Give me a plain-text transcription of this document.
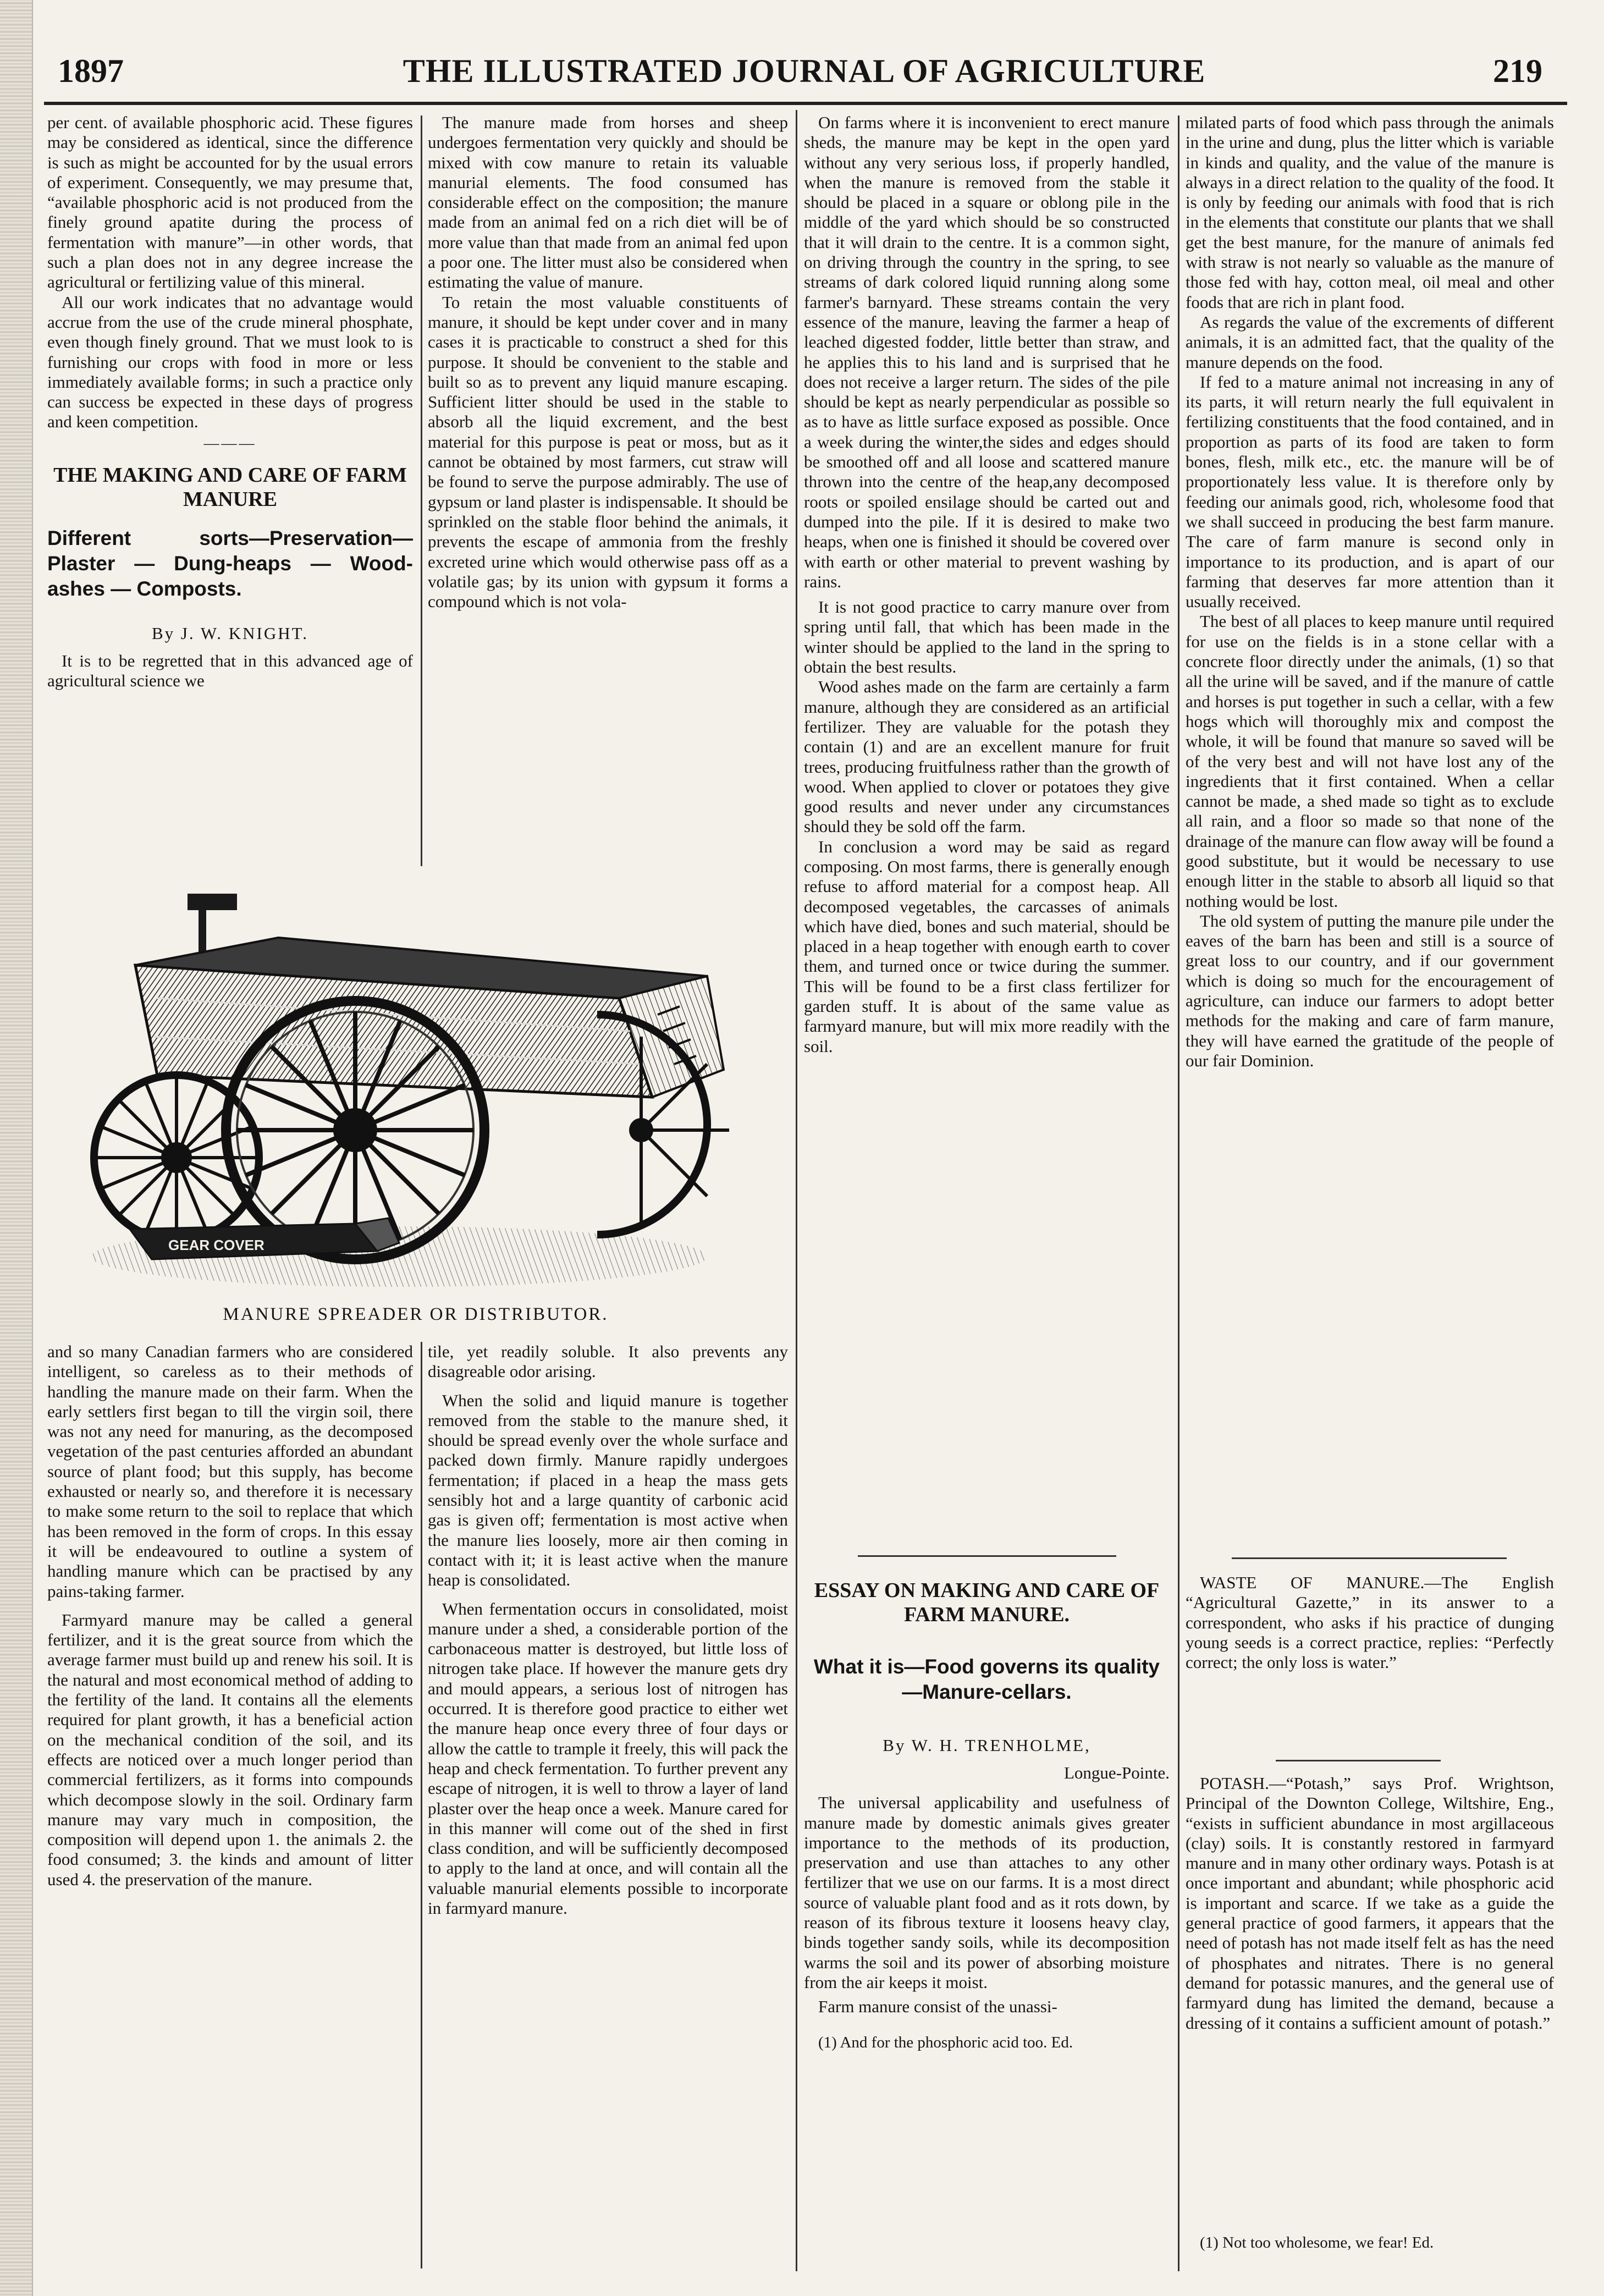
1897	THE ILLUSTRATED JOURNAL OF AGRICULTURE	219

per cent. of available phosphoric acid. These figures may be considered as identical, since the difference is such as might be accounted for by the usual errors of experiment. Consequently, we may presume that, “available phosphoric acid is not produced from the finely ground apatite during the process of fermentation with manure”—in other words, that such a plan does not in any degree increase the agricultural or fertilizing value of this mineral.

All our work indicates that no advantage would accrue from the use of the crude mineral phosphate, even though finely ground. That we must look to is furnishing our crops with food in more or less immediately available forms; in such a practice only can success be expected in these days of progress and keen competition.

———
THE MAKING AND CARE OF FARM MANURE
Different sorts—Preservation—Plaster — Dung-heaps — Wood-ashes — Composts.
By J. W. KNIGHT.

It is to be regretted that in this advanced age of agricultural science we

The manure made from horses and sheep undergoes fermentation very quickly and should be mixed with cow manure to retain its valuable manurial elements. The food consumed has considerable effect on the composition; the manure made from an animal fed on a rich diet will be of more value than that made from an animal fed upon a poor one. The litter must also be considered when estimating the value of manure.

To retain the most valuable constituents of manure, it should be kept under cover and in many cases it is practicable to construct a shed for this purpose. It should be convenient to the stable and built so as to prevent any liquid manure escaping. Sufficient litter should be used in the stable to absorb all the liquid excrement, and the best material for this purpose is peat or moss, but as it cannot be obtained by most farmers, cut straw will be found to serve the purpose admirably. The use of gypsum or land plaster is indispensable. It should be sprinkled on the stable floor behind the animals, it prevents the escape of ammonia from the freshly excreted urine which would otherwise pass off as a volatile gas; by its union with gypsum it forms a compound which is not vola-

GEAR COVER
MANURE SPREADER OR DISTRIBUTOR.

and so many Canadian farmers who are considered intelligent, so careless as to their methods of handling the manure made on their farm. When the early settlers first began to till the virgin soil, there was not any need for manuring, as the decomposed vegetation of the past centuries afforded an abundant source of plant food; but this supply, has become exhausted or nearly so, and therefore it is necessary to make some return to the soil to replace that which has been removed in the form of crops. In this essay it will be endeavoured to outline a system of handling manure which can be practised by any pains-taking farmer.

Farmyard manure may be called a general fertilizer, and it is the great source from which the average farmer must build up and renew his soil. It is the natural and most economical method of adding to the fertility of the land. It contains all the elements required for plant growth, it has a beneficial action on the mechanical condition of the soil, and its effects are noticed over a much longer period than commercial fertilizers, as it forms into compounds which decompose slowly in the soil. Ordinary farm manure may vary much in composition, the composition will depend upon 1. the animals 2. the food consumed; 3. the kinds and amount of litter used 4. the preservation of the manure.

tile, yet readily soluble. It also prevents any disagreable odor arising.

When the solid and liquid manure is together removed from the stable to the manure shed, it should be spread evenly over the whole surface and packed down firmly. Manure rapidly undergoes fermentation; if placed in a heap the mass gets sensibly hot and a large quantity of carbonic acid gas is given off; fermentation is most active when the manure lies loosely, more air then coming in contact with it; it is least active when the manure heap is consolidated.

When fermentation occurs in consolidated, moist manure under a shed, a considerable portion of the carbonaceous matter is destroyed, but little loss of nitrogen take place. If however the manure gets dry and mould appears, a serious lost of nitrogen has occurred. It is therefore good practice to either wet the manure heap once every three of four days or allow the cattle to tramp​le it freely, this will pack the heap and check fermentation. To further prevent any escape of nitrogen, it is well to throw a layer of land plaster over the heap once a week. Manure cared for in this manner will come out of the shed in first class condition, and will be sufficiently decomposed to apply to the land at once, and will contain all the valuable manurial elements possible to incorporate in farmyard manure.

On farms where it is inconvenient to erect manure sheds, the manure may be kept in the open yard without any very serious loss, if properly handled, when the manure is removed from the stable it should be placed in a square or oblong pile in the middle of the yard which should be so constructed that it will drain to the centre. It is a common sight, on driving through the country in the spring, to see streams of dark colored liquid running along some farmer's barnyard. These streams contain the very essence of the manure, leaving the farmer a heap of leached digested fodder, little better than straw, and he applies this to his land and is surprised that he does not receive a larger return. The sides of the pile should be kept as nearly perpendicular as possible so as to have as little surface exposed as possible. Once a week during the winter,the sides and edges should be smoothed off and all loose and scattered manure thrown into the centre of the heap,any decomposed roots or spoiled ensilage should be carted out and dumped into the pile. If it is desired to make two heaps, when one is finished it should be covered over with earth or other material to prevent washing by rains.

It is not good practice to carry manure over from spring until fall, that which has been made in the winter should be applied to the land in the spring to obtain the best results.

Wood ashes made on the farm are certainly a farm manure, although they are considered as an artificial fertilizer. They are valuable for the potash they contain (1) and are an excellent manure for fruit trees, producing fruitfulness rather than the growth of wood. When applied to clover or potatoes they give good results and never under any circumstances should they be sold off the farm.

In conclusion a word may be said as regard composing. On most farms, there is generally enough refuse to afford material for a compost heap. All decomposed vegetables, the carcasses of animals which have died, bones and such material, should be placed in a heap together with enough earth to cover them, and turned once or twice during the summer. This will be found to be a first class fertilizer for garden stuff. It is about of the same value as farmyard manure, but will mix more readily with the soil.

ESSAY ON MAKING AND CARE OF FARM MANURE.
What it is—Food governs its quality —Manure-cellars.
By W. H. TRENHOLME,
Longue-Pointe.

The universal applicability and usefulness of manure made by domestic animals gives greater importance to the methods of its production, preservation and use than attaches to any other fertilizer that we use on our farms. It is a most direct source of valuable plant food and as it rots down, by reason of its fibrous texture it loosens heavy clay, binds together sandy soils, while its decomposition warms the soil and its power of absorbing moisture from the air keeps it moist.

Farm manure consist of the unassi-

(1) And for the phosphoric acid too. Ed.

milated parts of food which pass through the animals in the urine and dung, plus the litter which is variable in kinds and quality, and the value of the manure is always in a direct relation to the quality of the food. It is only by feeding our animals with food that is rich in the elements that constitute our plants that we shall get the best manure, for the manure of animals fed with straw is not nearly so valuable as the manure of those fed with hay, cotton meal, oil meal and other foods that are rich in plant food.

As regards the value of the excrements of different animals, it is an admitted fact, that the quality of the manure depends on the food.

If fed to a mature animal not increasing in any of its parts, it will return nearly the full equivalent in fertilizing constituents that the food contained, and in proportion as parts of its food are taken to form bones, flesh, milk etc., etc. the manure will be of proportionately less value. It is therefore only by feeding our animals good, rich, wholesome food that we shall succeed in producing the best farm manure. The care of farm manure is second only in importance to its production, and is apart of our farming that deserves far more attention than it usually received.

The best of all places to keep manure until required for use on the fields is in a stone cellar with a concrete floor directly under the animals, (1) so that all the urine will be saved, and if the manure of cattle and horses is put together in such a cellar, with a few hogs which will thoroughly mix and compost the whole, it will be found that manure so saved will be of the very best and will not have lost any of the ingredients that it first contained. When a cellar cannot be made, a shed made so tight as to exclude all rain, and a floor so made so that none of the drainage of the manure can flow away will be found a good substitute, but it would be necessary to use enough litter in the stable to absorb all liquid so that nothing would be lost.

The old system of putting the manure pile under the eaves of the barn has been and still is a source of great loss to our country, and if our government which is doing so much for the encouragement of agriculture, can induce our farmers to adopt better methods for the making and care of farm manure, they will have earned the gratitude of the people of our fair Dominion.

WASTE OF MANURE.—The English “Agricultural Gazette,” in its answer to a correspondent, who asks if his practice of dunging young seeds is a correct practice, replies: “Perfectly correct; the only loss is water.”

POTASH.—“Potash,” says Prof. Wrightson, Principal of the Downton College, Wiltshire, Eng., “exists in sufficient abundance in most argillaceous (clay) soils. It is constantly restored in farmyard manure and in many other ordinary ways. Potash is at once important and abundant; while phosphoric acid is important and scarce. If we take as a guide the general practice of good farmers, it appears that the need of potash has not made itself felt as has the need of phosphates and nitrates. There is no general demand for potassic manures, and the general use of farmyard dung has limited the demand, because a dressing of it contains a sufficient amount of potash.”

(1) Not too wholesome, we fear! Ed.
